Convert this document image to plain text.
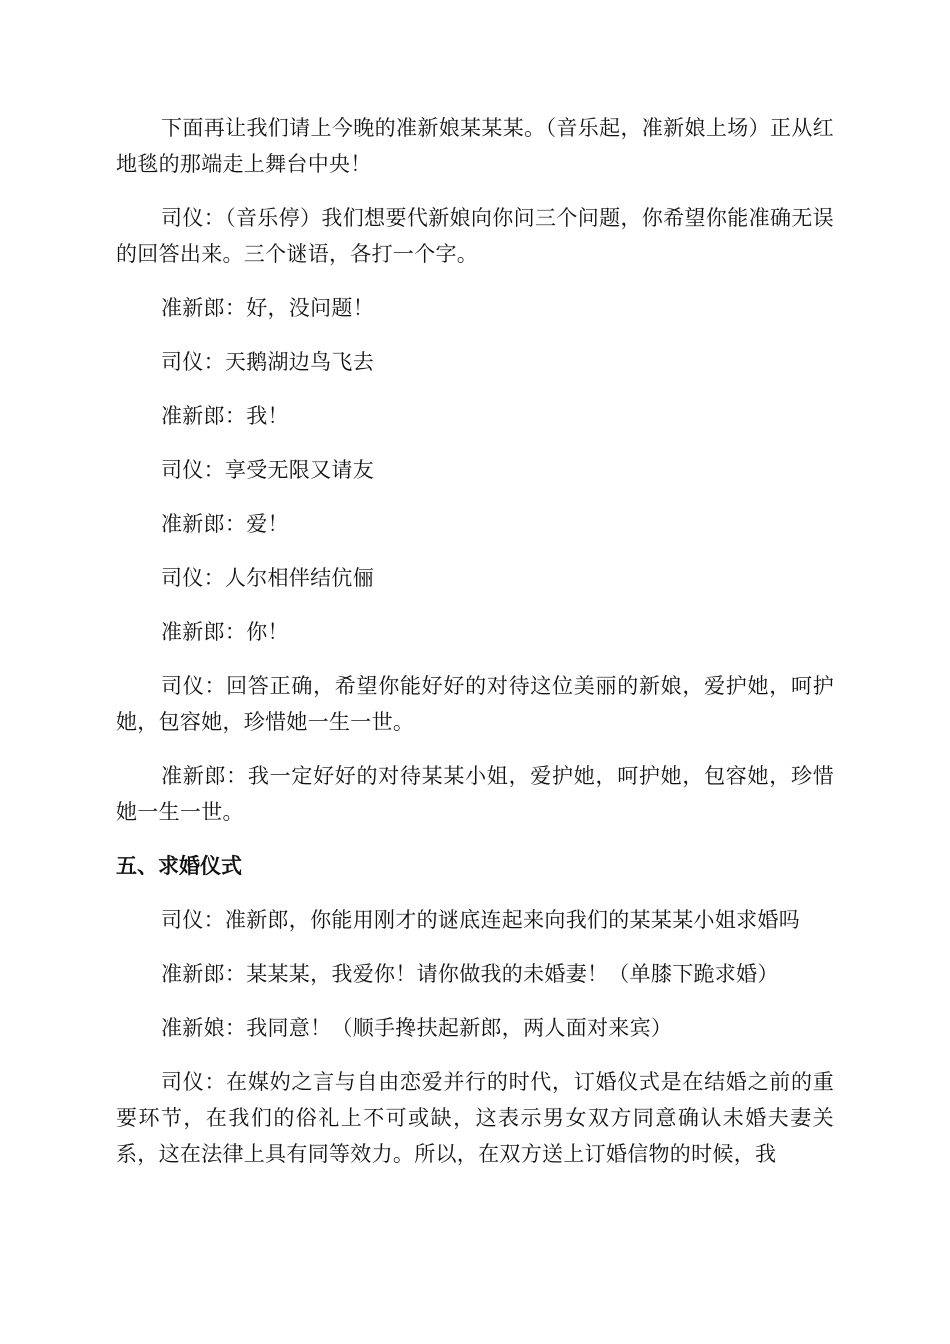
下面再让我们请上今晚的准新娘某某某。（音乐起，准新娘上场）正从红地毯的那端走上舞台中央！

司仪：（音乐停）我们想要代新娘向你问三个问题，你希望你能准确无误的回答出来。三个谜语，各打一个字。

准新郎：好，没问题！

司仪：天鹅湖边鸟飞去

准新郎：我！

司仪：享受无限又请友

准新郎：爱！

司仪：人尔相伴结伉俪

准新郎：你！

司仪：回答正确，希望你能好好的对待这位美丽的新娘，爱护她，呵护她，包容她，珍惜她一生一世。

准新郎：我一定好好的对待某某小姐，爱护她，呵护她，包容她，珍惜她一生一世。

五、求婚仪式

司仪：准新郎，你能用刚才的谜底连起来向我们的某某某小姐求婚吗

准新郎：某某某，我爱你！请你做我的未婚妻！（单膝下跪求婚）

准新娘：我同意！（顺手搀扶起新郎，两人面对来宾）

司仪：在媒妁之言与自由恋爱并行的时代，订婚仪式是在结婚之前的重要环节，在我们的俗礼上不可或缺，这表示男女双方同意确认未婚夫妻关系，这在法律上具有同等效力。所以，在双方送上订婚信物的时候，我
